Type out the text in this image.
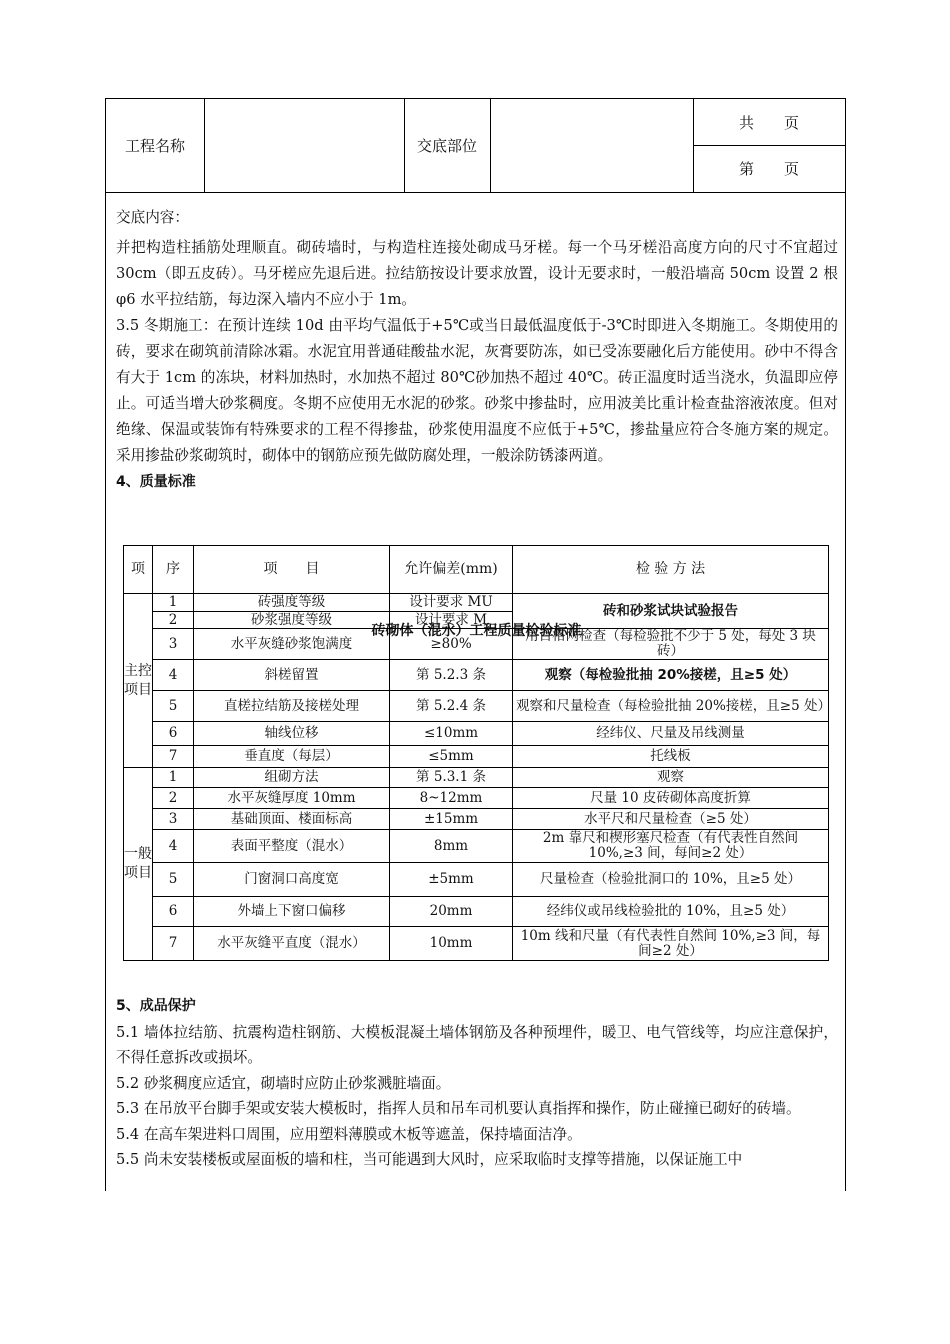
工程名称	交底部位
共　　页
第　　页

交底内容：

并把构造柱插筋处理顺直。砌砖墙时，与构造柱连接处砌成马牙槎。每一个马牙槎沿高度方向的尺寸不宜超过 30cm（即五皮砖）。马牙槎应先退后进。拉结筋按设计要求放置，设计无要求时，一般沿墙高 50cm 设置 2 根 φ6 水平拉结筋，每边深入墙内不应小于 1m。

3.5 冬期施工：在预计连续 10d 由平均气温低于+5℃或当日最低温度低于-3℃时即进入冬期施工。冬期使用的砖，要求在砌筑前清除冰霜。水泥宜用普通硅酸盐水泥，灰膏要防冻，如已受冻要融化后方能使用。砂中不得含有大于 1cm 的冻块，材料加热时，水加热不超过 80℃砂加热不超过 40℃。砖正温度时适当浇水，负温即应停止。可适当增大砂浆稠度。冬期不应使用无水泥的砂浆。砂浆中掺盐时，应用波美比重计检查盐溶液浓度。但对绝缘、保温或装饰有特殊要求的工程不得掺盐，砂浆使用温度不应低于+5℃，掺盐量应符合冬施方案的规定。采用掺盐砂浆砌筑时，砌体中的钢筋应预先做防腐处理，一般涂防锈漆两道。

4、质量标准

砖砌体（混水）工程质量检验标准
项	序	项　　目	允许偏差(mm)	检 验 方 法
主控项目	1	砖强度等级	设计要求 MU	砖和砂浆试块试验报告
	2	砂浆强度等级	设计要求 M	
	3	水平灰缝砂浆饱满度	≥80%	用百格网检查（每检验批不少于 5 处，每处 3 块砖）
	4	斜槎留置	第 5.2.3 条	观察（每检验批抽 20%接槎，且≥5 处）
	5	直槎拉结筋及接槎处理	第 5.2.4 条	观察和尺量检查（每检验批抽 20%接槎，且≥5 处）
	6	轴线位移	≤10mm	经纬仪、尺量及吊线测量
	7	垂直度（每层）	≤5mm	托线板
一般项目	1	组砌方法	第 5.3.1 条	观察
	2	水平灰缝厚度 10mm	8~12mm	尺量 10 皮砖砌体高度折算
	3	基础顶面、楼面标高	±15mm	水平尺和尺量检查（≥5 处）
	4	表面平整度（混水）	8mm	2m 靠尺和楔形塞尺检查（有代表性自然间 10%,≥3 间，每间≥2 处）
	5	门窗洞口高度宽	±5mm	尺量检查（检验批洞口的 10%，且≥5 处）
	6	外墙上下窗口偏移	20mm	经纬仪或吊线检验批的 10%，且≥5 处）
	7	水平灰缝平直度（混水）	10mm	10m 线和尺量（有代表性自然间 10%,≥3 间，每间≥2 处）

5、成品保护

5.1 墙体拉结筋、抗震构造柱钢筋、大模板混凝土墙体钢筋及各种预埋件，暖卫、电气管线等，均应注意保护，不得任意拆改或损坏。

5.2 砂浆稠度应适宜，砌墙时应防止砂浆溅脏墙面。

5.3 在吊放平台脚手架或安装大模板时，指挥人员和吊车司机要认真指挥和操作，防止碰撞已砌好的砖墙。

5.4 在高车架进料口周围，应用塑料薄膜或木板等遮盖，保持墙面洁净。

5.5 尚未安装楼板或屋面板的墙和柱，当可能遇到大风时，应采取临时支撑等措施，以保证施工中
